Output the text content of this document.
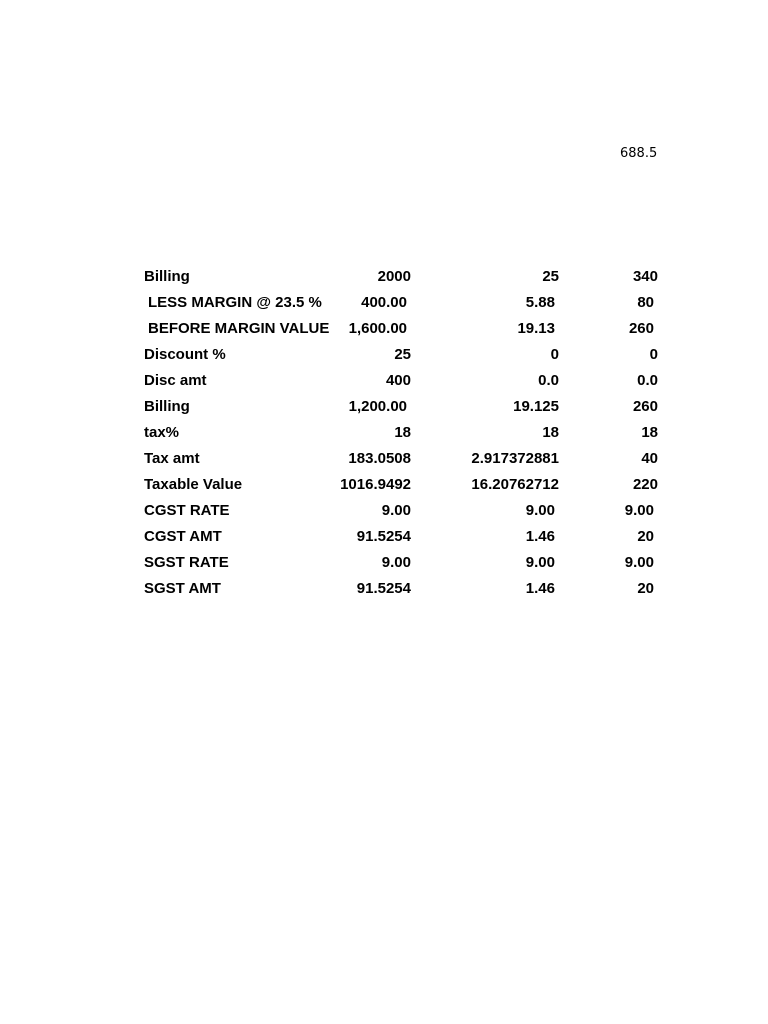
688.5
Billing	2000	25	340
LESS MARGIN @ 23.5 %	400.00	5.88	80
BEFORE MARGIN VALUE 1,600.00	19.13	260
Discount %	25	0	0
Disc amt	400	0.0	0.0
Billing	1,200.00	19.125	260
tax%	18	18	18
Tax amt	183.0508	2.917372881	40
Taxable Value	1016.9492	16.20762712	220
CGST RATE	9.00	9.00	9.00
CGST AMT	91.5254	1.46	20
SGST RATE	9.00	9.00	9.00
SGST AMT	91.5254	1.46	20
